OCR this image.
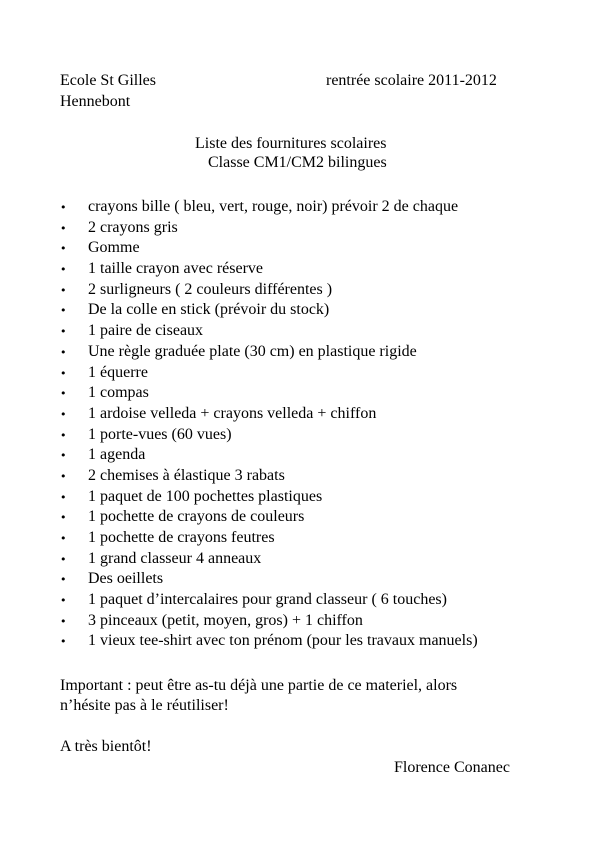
Ecole St Gilles
Hennebont
rentrée scolaire 2011-2012
Liste des fournitures scolaires
Classe CM1/CM2 bilingues
• crayons bille ( bleu, vert, rouge, noir) prévoir 2 de chaque
• 2 crayons gris
• Gomme
• 1 taille crayon avec réserve
• 2 surligneurs ( 2 couleurs différentes )
• De la colle en stick (prévoir du stock)
• 1 paire de ciseaux
• Une règle graduée plate (30 cm) en plastique rigide
• 1 équerre
• 1 compas
• 1 ardoise velleda + crayons velleda + chiffon
• 1 porte-vues (60 vues)
• 1 agenda
• 2 chemises à élastique 3 rabats
• 1 paquet de 100 pochettes plastiques
• 1 pochette de crayons de couleurs
• 1 pochette de crayons feutres
• 1 grand classeur 4 anneaux
• Des oeillets
• 1 paquet d’intercalaires pour grand classeur ( 6 touches)
• 3 pinceaux (petit, moyen, gros) + 1 chiffon
• 1 vieux tee-shirt avec ton prénom (pour les travaux manuels)
Important : peut être as-tu déjà une partie de ce materiel, alors
n’hésite pas à le réutiliser!
A très bientôt!
Florence Conanec
